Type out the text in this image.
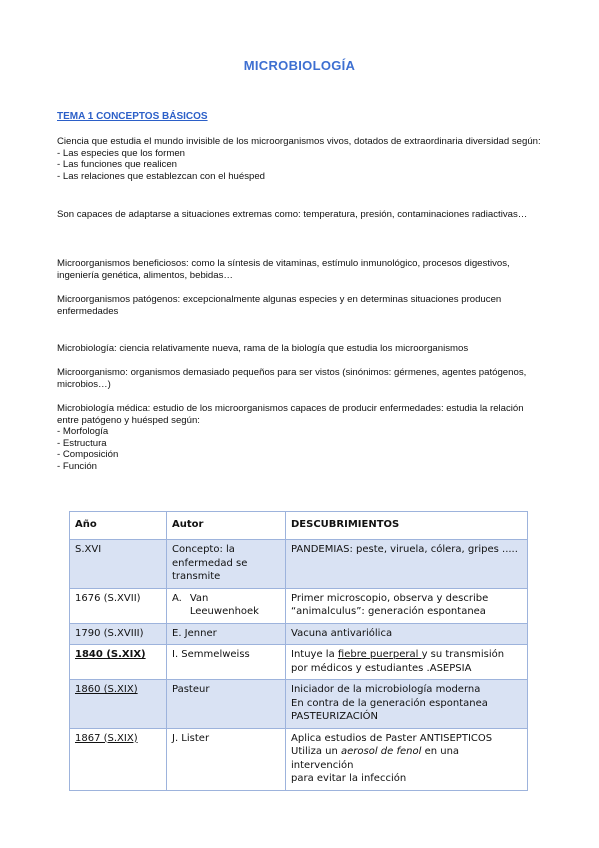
MICROBIOLOGÍA
TEMA 1 CONCEPTOS BÁSICOS

Ciencia que estudia el mundo invisible de los microorganismos vivos, dotados de extraordinaria diversidad según:

- Las especies que los formen
- Las funciones que realicen
- Las relaciones que establezcan con el huésped
Son capaces de adaptarse a situaciones extremas como: temperatura, presión, contaminaciones radiactivas…
Microorganismos beneficiosos: como la síntesis de vitaminas, estímulo inmunológico, procesos digestivos, ingeniería genética, alimentos, bebidas…
Microorganismos patógenos: excepcionalmente algunas especies y en determinas situaciones producen enfermedades
Microbiología: ciencia relativamente nueva, rama de la biología que estudia los microorganismos
Microorganismo: organismos demasiado pequeños para ser vistos (sinónimos: gérmenes, agentes patógenos, microbios…)

Microbiología médica: estudio de los microorganismos capaces de producir enfermedades: estudia la relación entre patógeno y huésped según:

- Morfología
- Estructura
- Composición
- Función
Año	Autor	DESCUBRIMIENTOS
S.XVI	Concepto: la enfermedad se transmite	PANDEMIAS: peste, viruela, cólera, gripes .....
1676 (S.XVII)	A. Van Leeuwenhoek	Primer microscopio, observa y describe “animalculus”: generación espontanea
1790 (S.XVIII)	E. Jenner	Vacuna antivariólica
1840 (S.XIX)	I. Semmelweiss	Intuye la fiebre puerperal y su transmisión por médicos y estudiantes .ASEPSIA
1860 (S.XIX)	Pasteur	Iniciador de la microbiología moderna
En contra de la generación espontanea
PASTEURIZACIÓN

1867 (S.XIX)	J. Lister	Aplica estudios de Paster ANTISEPTICOS
Utiliza un aerosol de fenol en una intervención
para evitar la infección
